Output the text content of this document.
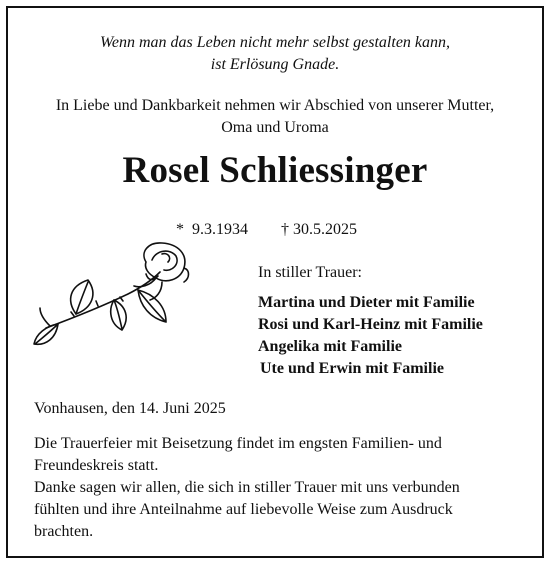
Wenn man das Leben nicht mehr selbst gestalten kann,
ist Erlösung Gnade.
In Liebe und Dankbarkeit nehmen wir Abschied von unserer Mutter,
Oma und Uroma
Rosel Schliessinger
* 9.3.1934 † 30.5.2025
In stiller Trauer:
Martina und Dieter mit Familie
Rosi und Karl-Heinz mit Familie
Angelika mit Familie
Ute und Erwin mit Familie
Vonhausen, den 14. Juni 2025
Die Trauerfeier mit Beisetzung findet im engsten Familien- und
Freundeskreis statt.
Danke sagen wir allen, die sich in stiller Trauer mit uns verbunden
fühlten und ihre Anteilnahme auf liebevolle Weise zum Ausdruck
brachten.
